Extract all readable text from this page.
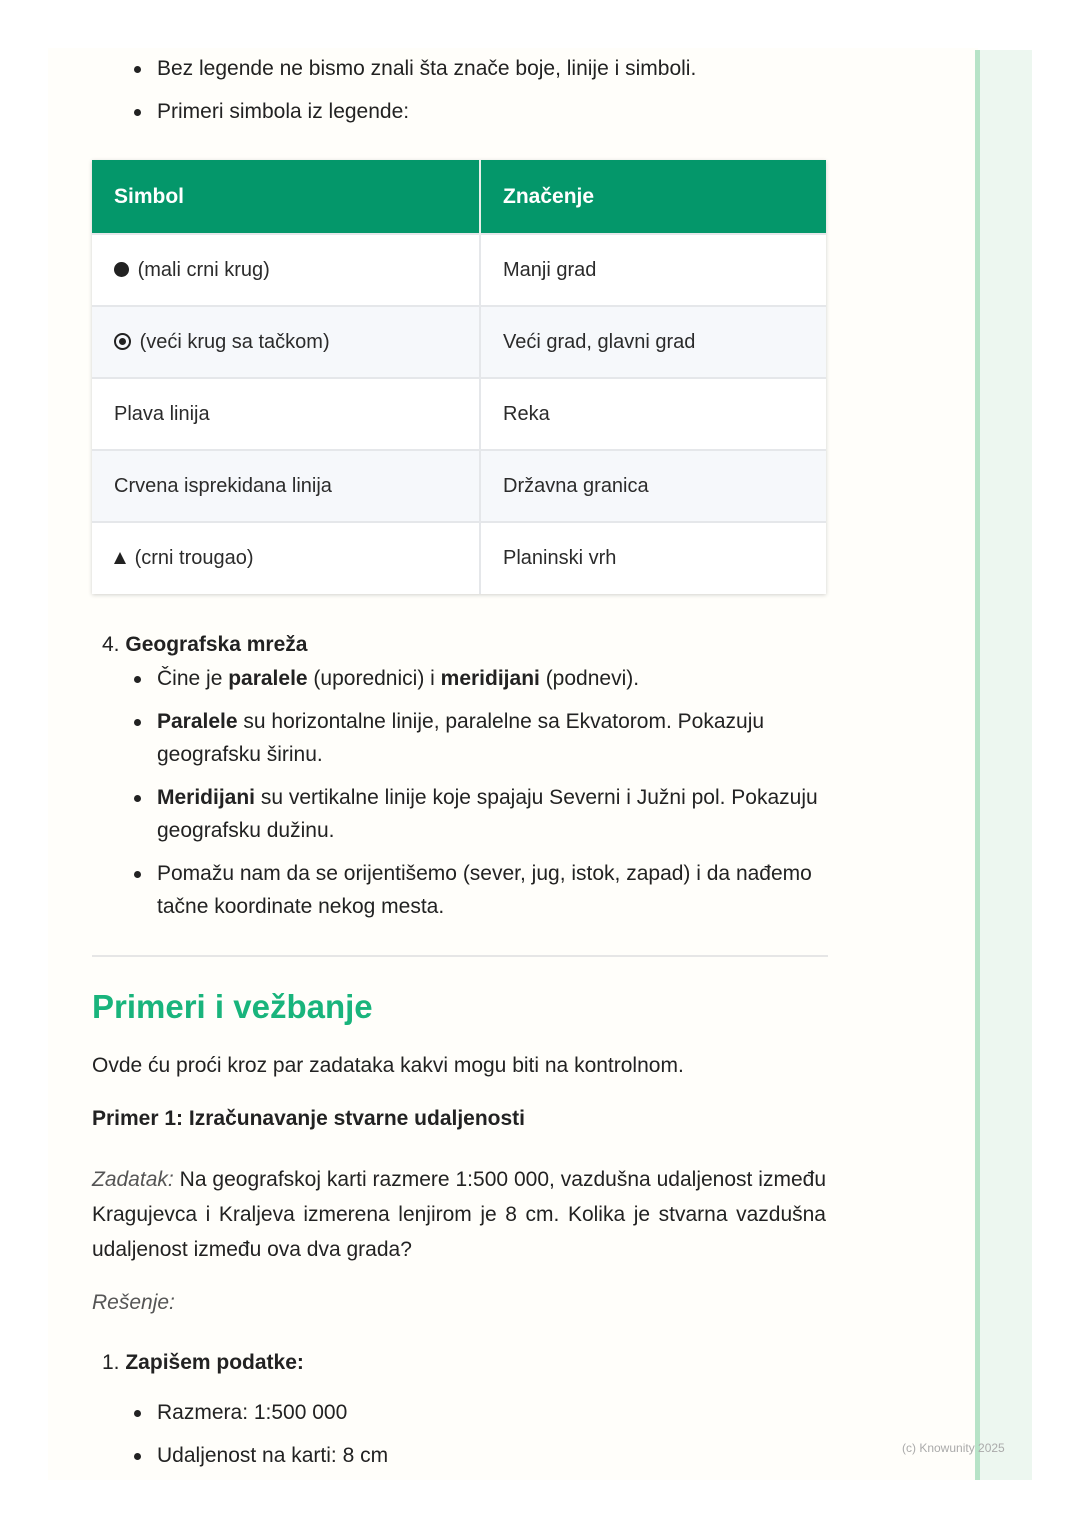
Bez legende ne bismo znali šta znače boje, linije i simboli.
Primeri simbola iz legende:
Simbol	Značenje
(mali crni krug)	Manji grad
(veći krug sa tačkom)	Veći grad, glavni grad
Plava linija	Reka
Crvena isprekidana linija	Državna granica
(crni trougao)	Planinski vrh
4. Geografska mreža
Čine je paralele (uporednici) i meridijani (podnevi).
Paralele su horizontalne linije, paralelne sa Ekvatorom. Pokazuju geografsku širinu.
Meridijani su vertikalne linije koje spajaju Severni i Južni pol. Pokazuju geografsku dužinu.
Pomažu nam da se orijentišemo (sever, jug, istok, zapad) i da nađemo tačne koordinate nekog mesta.
Primeri i vežbanje

Ovde ću proći kroz par zadataka kakvi mogu biti na kontrolnom.

Primer 1: Izračunavanje stvarne udaljenosti

Zadatak: Na geografskoj karti razmere 1:500 000, vazdušna udaljenost između Kragujevca i Kraljeva izmerena lenjirom je 8 cm. Kolika je stvarna vazdušna udaljenost između ova dva grada?

Rešenje:

1. Zapišem podatke:
Razmera: 1:500 000
Udaljenost na karti: 8 cm	(c) Knowunity 2025
